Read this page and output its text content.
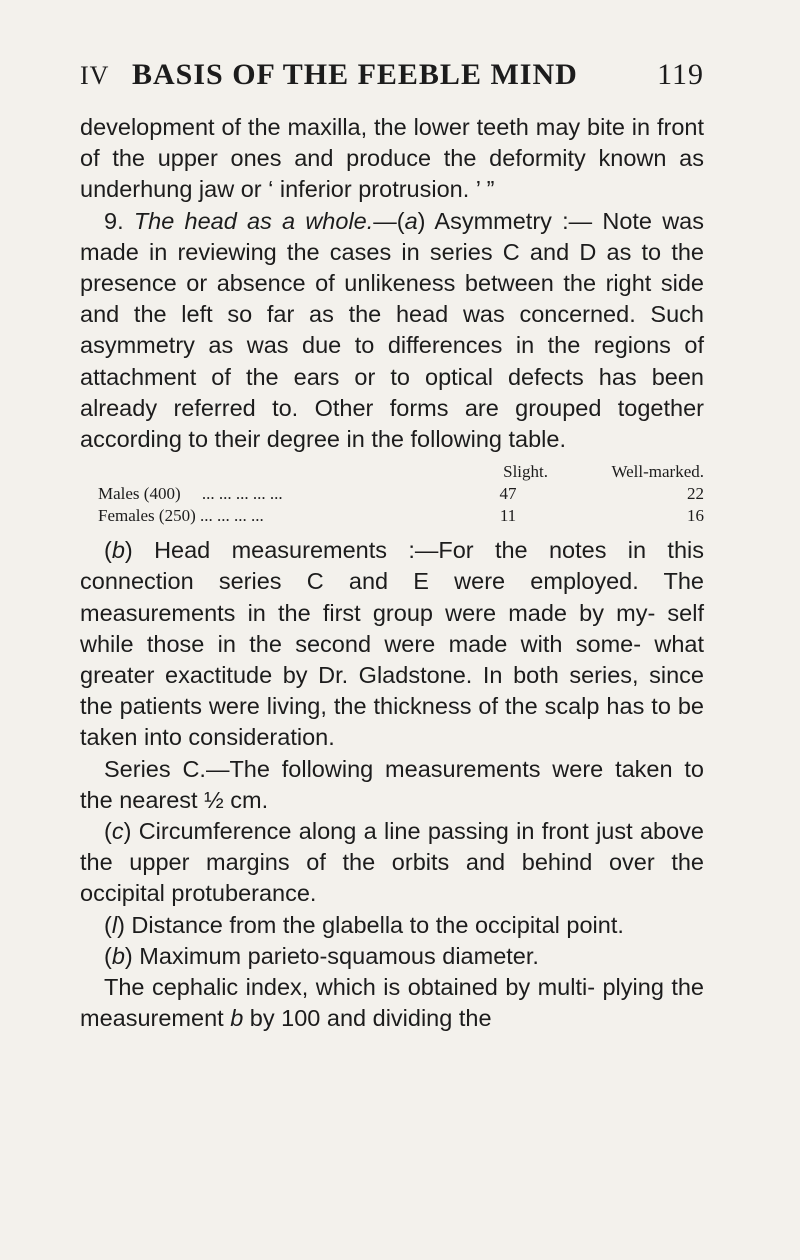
IV BASIS OF THE FEEBLE MIND	119

development of the maxilla, the lower teeth may bite in front of the upper ones and produce the deformity known as underhung jaw or ‘ inferior protrusion. ’ ”

9. The head as a whole.—(a) Asymmetry :— Note was made in reviewing the cases in series C and D as to the presence or absence of unlikeness between the right side and the left so far as the head was concerned. Such asymmetry as was due to differences in the regions of attachment of the ears or to optical defects has been already referred to. Other forms are grouped together according to their degree in the following table.

	Slight.	Well-marked.
Males (400) ... ... ... ... ...	47	22
Females (250) ... ... ... ...	11	16

(b) Head measurements :—For the notes in this connection series C and E were employed. The measurements in the first group were made by my- self while those in the second were made with some- what greater exactitude by Dr. Gladstone. In both series, since the patients were living, the thickness of the scalp has to be taken into consideration.

Series C.—The following measurements were taken to the nearest ½ cm.

(c) Circumference along a line passing in front just above the upper margins of the orbits and behind over the occipital protuberance.

(l) Distance from the glabella to the occipital point.

(b) Maximum parieto-squamous diameter.

The cephalic index, which is obtained by multi- plying the measurement b by 100 and dividing the
